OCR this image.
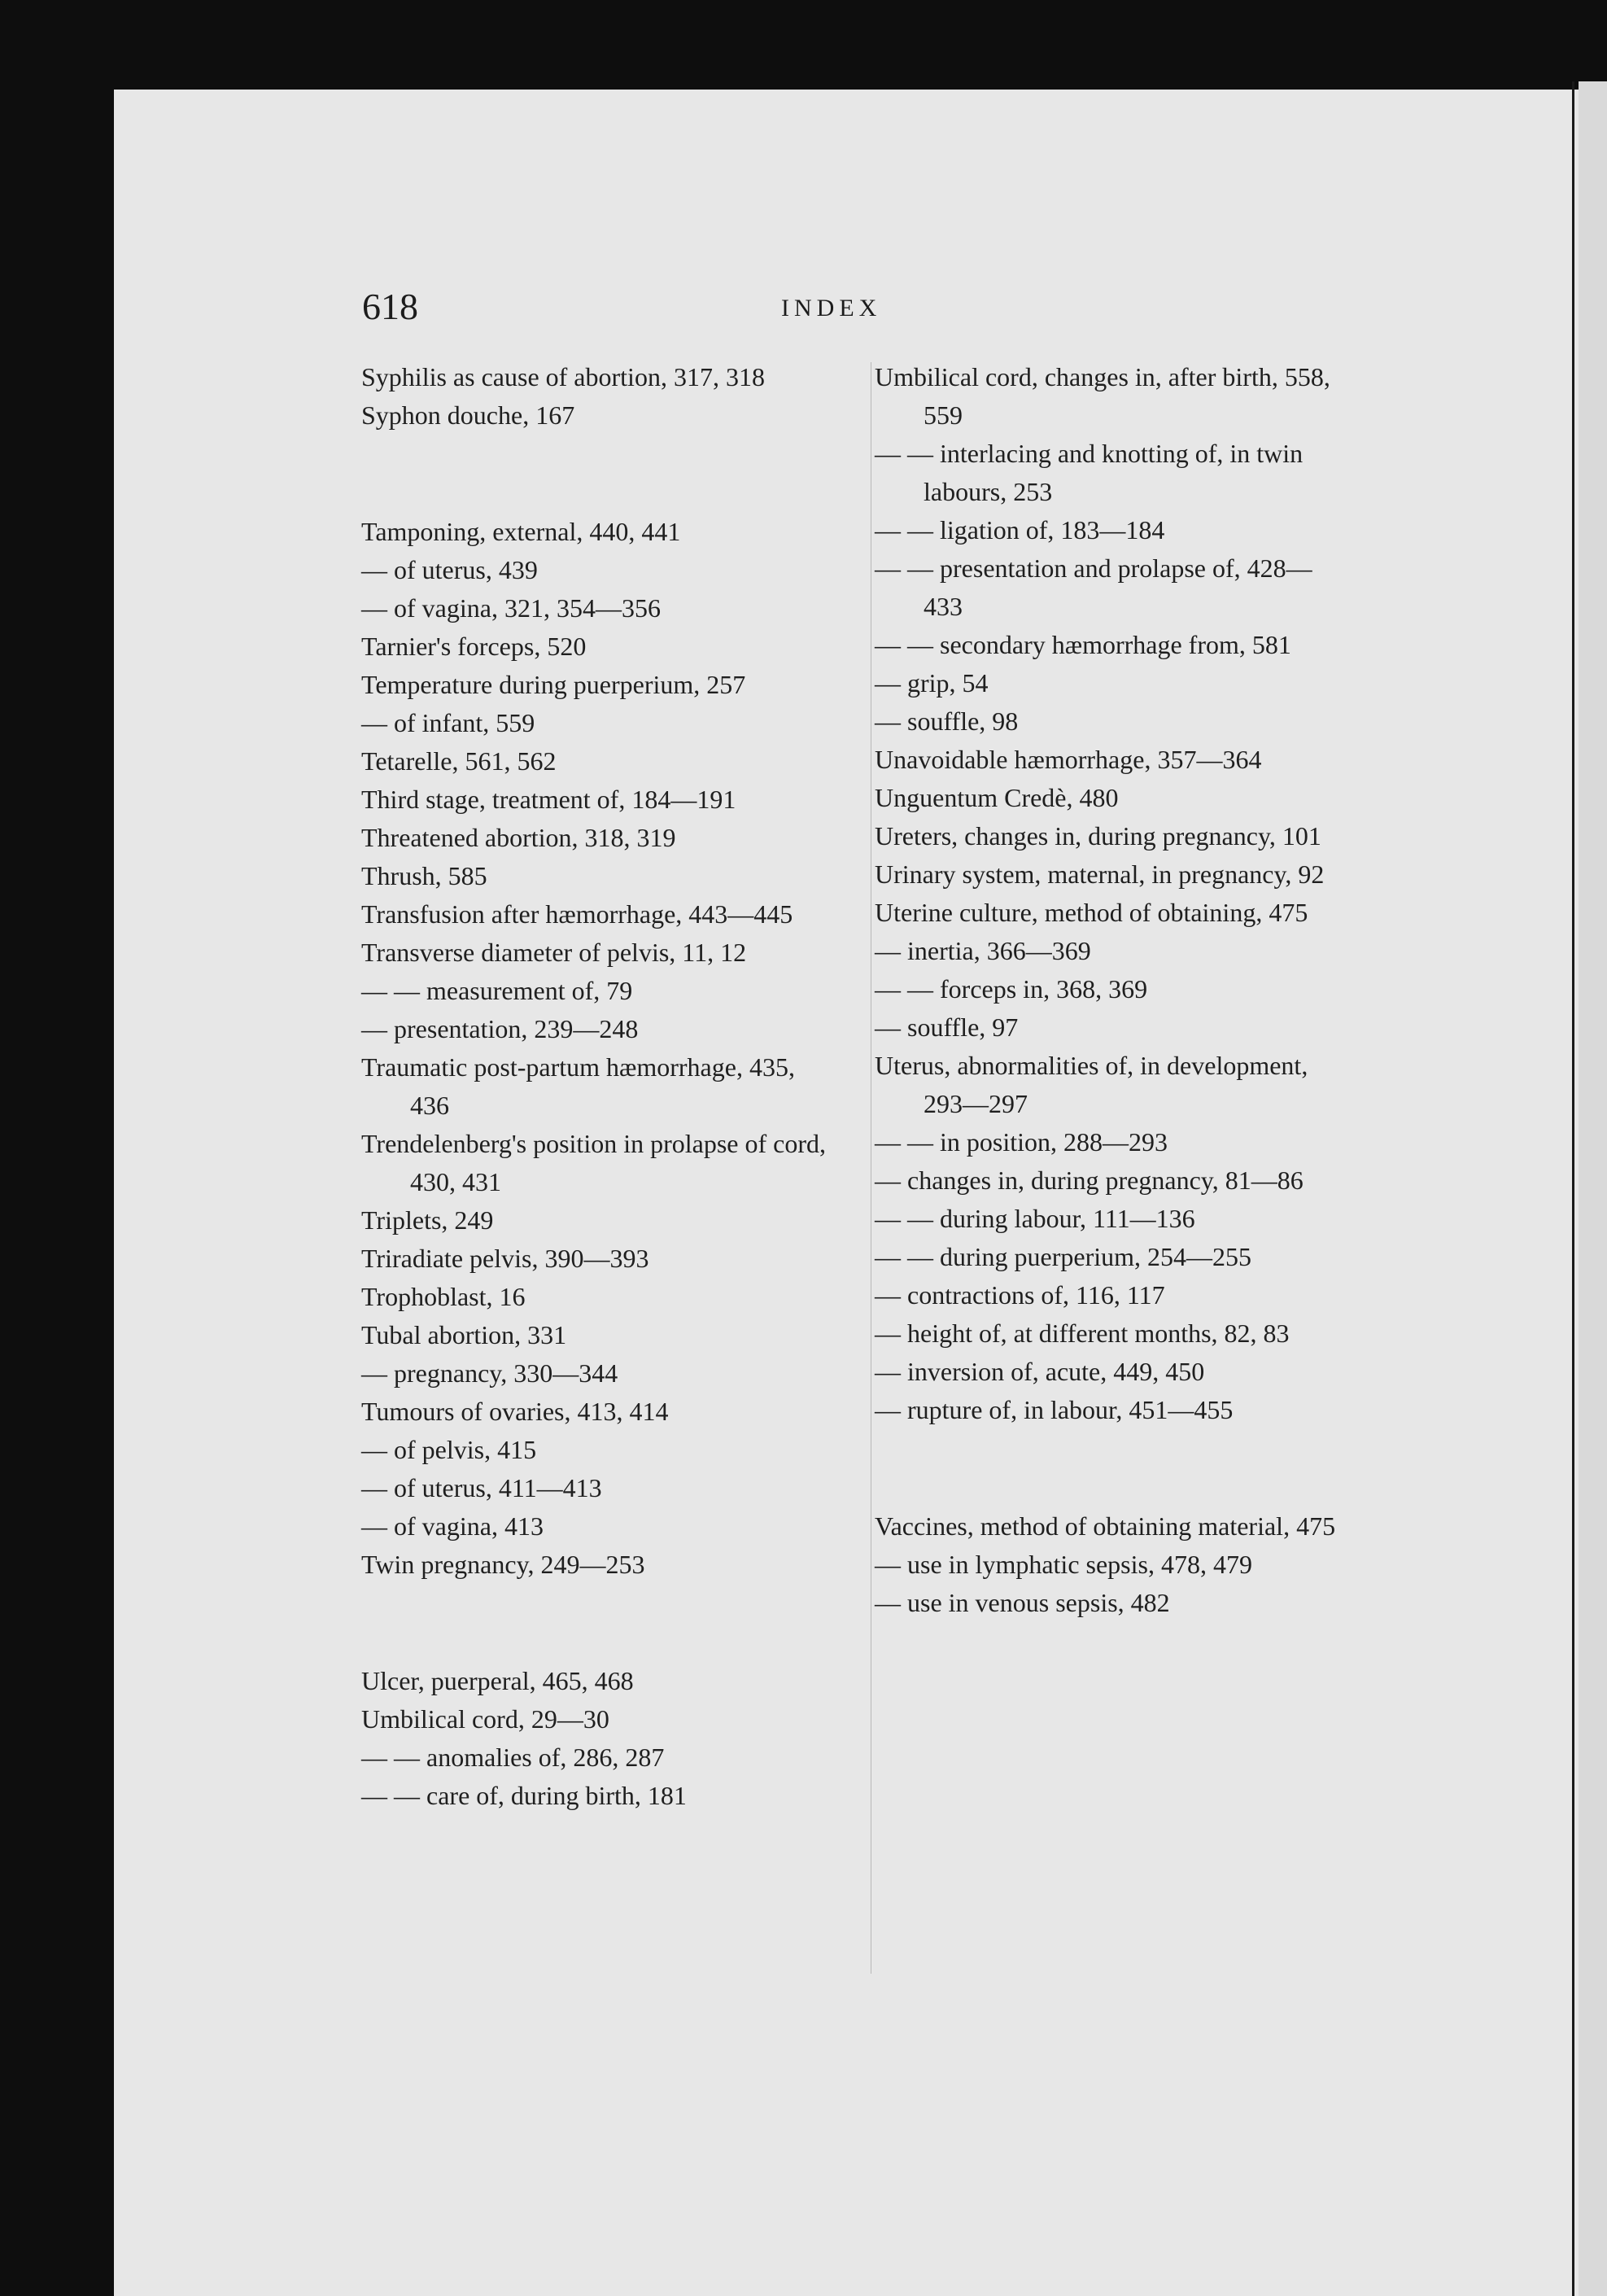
618	INDEX
Syphilis as cause of abortion, 317, 318
Syphon douche, 167
Tamponing, external, 440, 441
— of uterus, 439
— of vagina, 321, 354—356
Tarnier's forceps, 520
Temperature during puerperium, 257
— of infant, 559
Tetarelle, 561, 562
Third stage, treatment of, 184—191
Threatened abortion, 318, 319
Thrush, 585
Transfusion after hæmorrhage, 443—445
Transverse diameter of pelvis, 11, 12
— — measurement of, 79
— presentation, 239—248
Traumatic post-partum hæmorrhage, 435, 436
Trendelenberg's position in prolapse of cord, 430, 431
Triplets, 249
Triradiate pelvis, 390—393
Trophoblast, 16
Tubal abortion, 331
— pregnancy, 330—344
Tumours of ovaries, 413, 414
— of pelvis, 415
— of uterus, 411—413
— of vagina, 413
Twin pregnancy, 249—253
Ulcer, puerperal, 465, 468
Umbilical cord, 29—30
— — anomalies of, 286, 287
— — care of, during birth, 181
Umbilical cord, changes in, after birth, 558, 559
— — interlacing and knotting of, in twin labours, 253
— — ligation of, 183—184
— — presentation and prolapse of, 428—433
— — secondary hæmorrhage from, 581
— grip, 54
— souffle, 98
Unavoidable hæmorrhage, 357—364
Unguentum Credè, 480
Ureters, changes in, during pregnancy, 101
Urinary system, maternal, in pregnancy, 92
Uterine culture, method of obtaining, 475
— inertia, 366—369
— — forceps in, 368, 369
— souffle, 97
Uterus, abnormalities of, in development, 293—297
— — in position, 288—293
— changes in, during pregnancy, 81—86
— — during labour, 111—136
— — during puerperium, 254—255
— contractions of, 116, 117
— height of, at different months, 82, 83
— inversion of, acute, 449, 450
— rupture of, in labour, 451—455
Vaccines, method of obtaining material, 475
— use in lymphatic sepsis, 478, 479
— use in venous sepsis, 482
